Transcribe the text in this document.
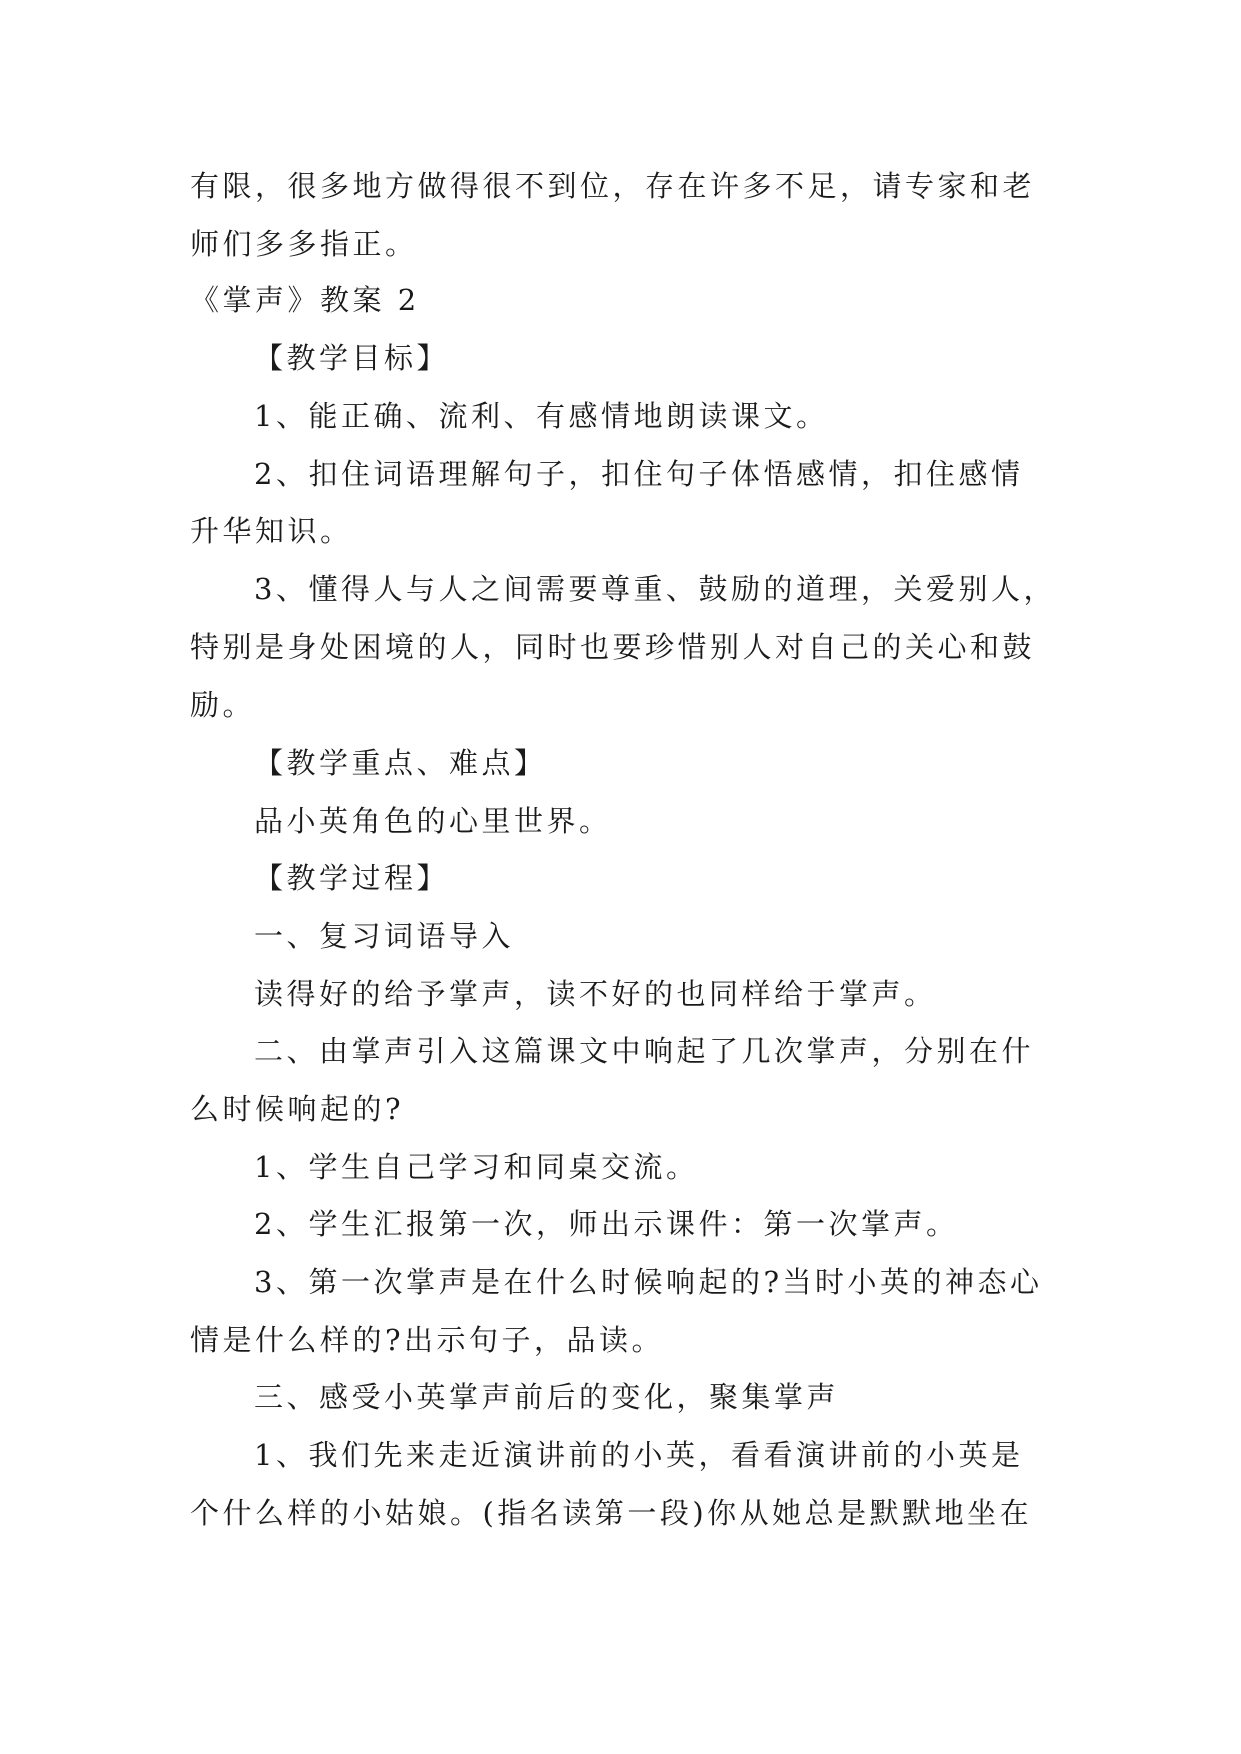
有限，很多地方做得很不到位，存在许多不足，请专家和老
师们多多指正。
《掌声》教案 2
【教学目标】
1、能正确、流利、有感情地朗读课文。
2、扣住词语理解句子，扣住句子体悟感情，扣住感情
升华知识。
3、懂得人与人之间需要尊重、鼓励的道理，关爱别人，
特别是身处困境的人，同时也要珍惜别人对自己的关心和鼓
励。
【教学重点、难点】
品小英角色的心里世界。
【教学过程】
一、复习词语导入
读得好的给予掌声，读不好的也同样给于掌声。
二、由掌声引入这篇课文中响起了几次掌声，分别在什
么时候响起的?
1、学生自己学习和同桌交流。
2、学生汇报第一次，师出示课件：第一次掌声。
3、第一次掌声是在什么时候响起的?当时小英的神态心
情是什么样的?出示句子，品读。
三、感受小英掌声前后的变化，聚集掌声
1、我们先来走近演讲前的小英，看看演讲前的小英是
个什么样的小姑娘。(指名读第一段)你从她总是默默地坐在
